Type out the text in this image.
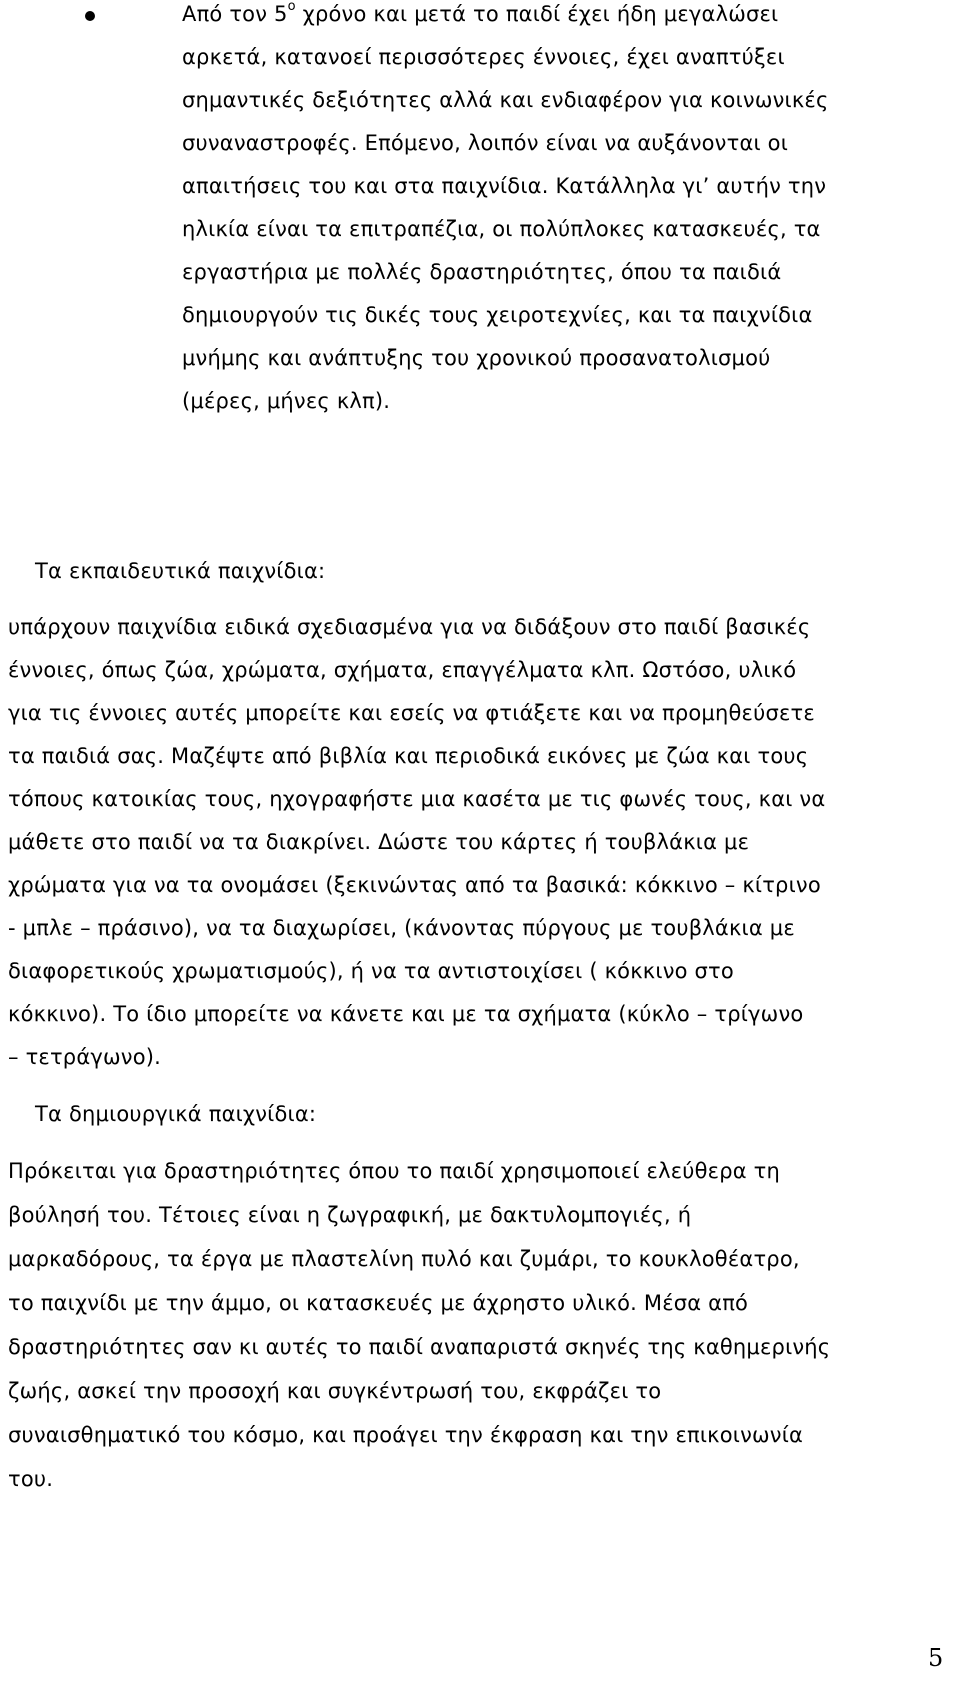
Από τον $5^o$ χρόνο και μετά το παιδί έχει ήδη μεγαλώσει
αρκετά, κατανοεί περισσότερες έννοιες, έχει αναπτύξει
σημαντικές δεξιότητες αλλά και ενδιαφέρον για κοινωνικές
συναναστροφές. Επόμενο, λοιπόν είναι να αυξάνονται οι
απαιτήσεις του και στα παιχνίδια. Κατάλληλα γι’ αυτήν την
ηλικία είναι τα επιτραπέζια, οι πολύπλοκες κατασκευές, τα
εργαστήρια με πολλές δραστηριότητες, όπου τα παιδιά
δημιουργούν τις δικές τους χειροτεχνίες, και τα παιχνίδια
μνήμης και ανάπτυξης του χρονικού προσανατολισμού
(μέρες, μήνες κλπ).
Τα εκπαιδευτικά παιχνίδια:
υπάρχουν παιχνίδια ειδικά σχεδιασμένα για να διδάξουν στο παιδί βασικές
έννοιες, όπως ζώα, χρώματα, σχήματα, επαγγέλματα κλπ. Ωστόσο, υλικό
για τις έννοιες αυτές μπορείτε και εσείς να φτιάξετε και να προμηθεύσετε
τα παιδιά σας. Μαζέψτε από βιβλία και περιοδικά εικόνες με ζώα και τους
τόπους κατοικίας τους, ηχογραφήστε μια κασέτα με τις φωνές τους, και να
μάθετε στο παιδί να τα διακρίνει. Δώστε του κάρτες ή τουβλάκια με
χρώματα για να τα ονομάσει (ξεκινώντας από τα βασικά: κόκκινο – κίτρινο
- μπλε – πράσινο), να τα διαχωρίσει, (κάνοντας πύργους με τουβλάκια με
διαφορετικούς χρωματισμούς), ή να τα αντιστοιχίσει ( κόκκινο στο
κόκκινο). Το ίδιο μπορείτε να κάνετε και με τα σχήματα (κύκλο – τρίγωνο
– τετράγωνο).
Τα δημιουργικά παιχνίδια:
Πρόκειται για δραστηριότητες όπου το παιδί χρησιμοποιεί ελεύθερα τη
βούλησή του. Τέτοιες είναι η ζωγραφική, με δακτυλομπογιές, ή
μαρκαδόρους, τα έργα με πλαστελίνη πυλό και ζυμάρι, το κουκλοθέατρο,
το παιχνίδι με την άμμο, οι κατασκευές με άχρηστο υλικό. Μέσα από
δραστηριότητες σαν κι αυτές το παιδί αναπαριστά σκηνές της καθημερινής
ζωής, ασκεί την προσοχή και συγκέντρωσή του, εκφράζει το
συναισθηματικό του κόσμο, και προάγει την έκφραση και την επικοινωνία
του.
5
